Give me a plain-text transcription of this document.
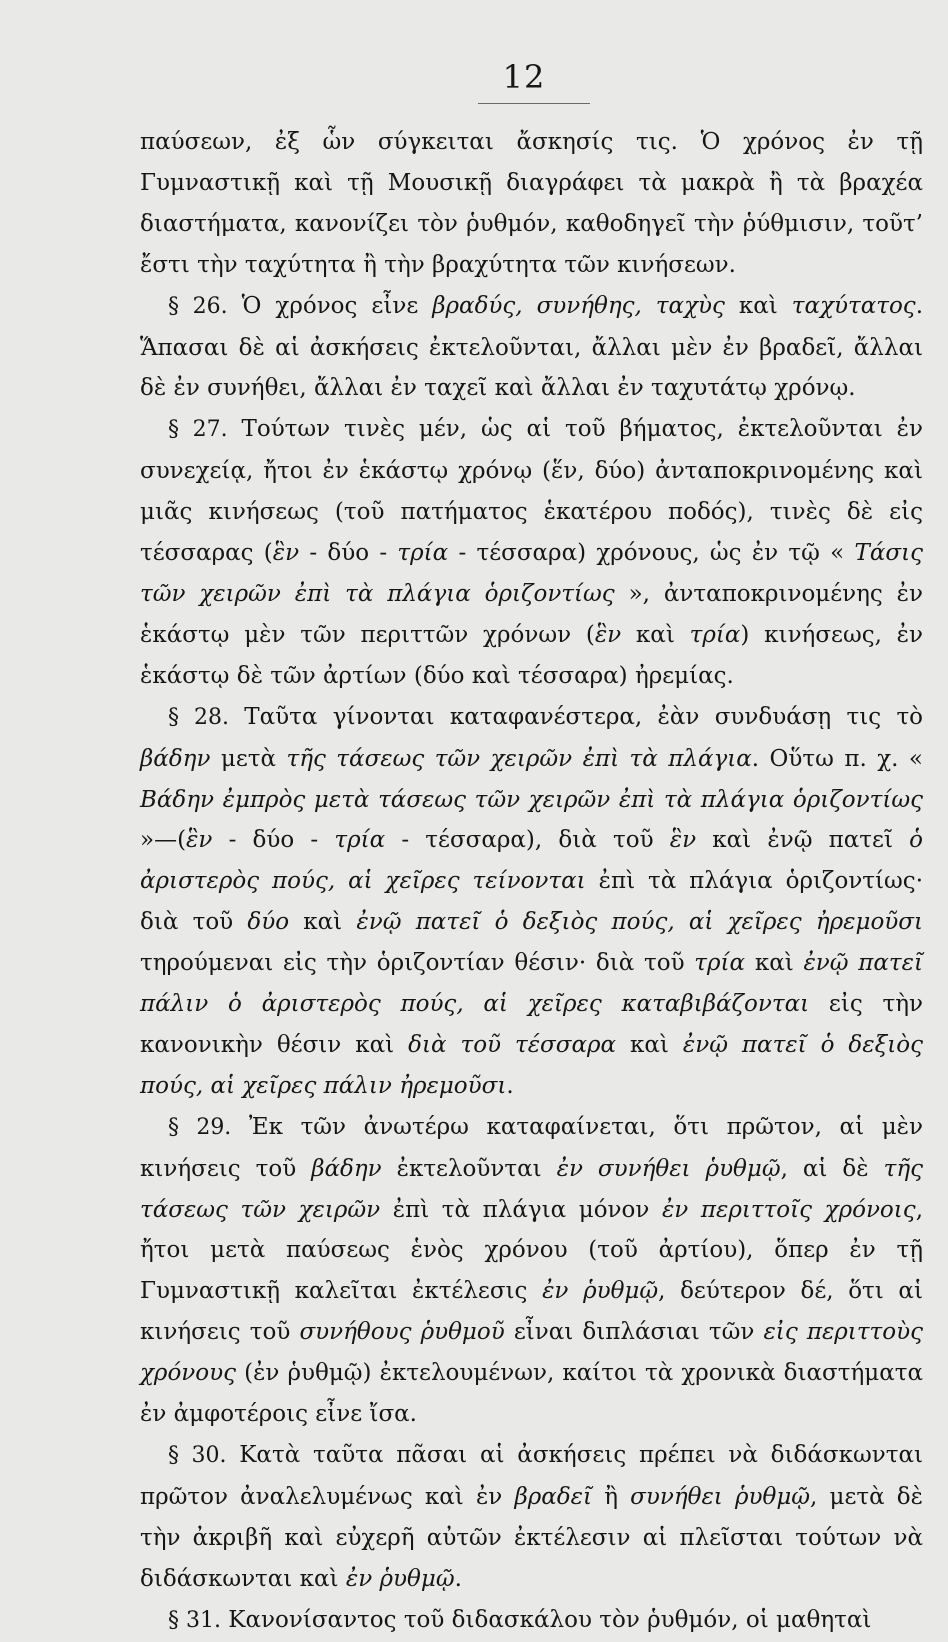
12

παύσεων, ἐξ ὧν σύγκειται ἄσκησίς τις. Ὁ χρόνος ἐν τῇ Γυμναστικῇ καὶ τῇ Μουσικῇ διαγράφει τὰ μακρὰ ἢ τὰ βραχέα διαστήματα, κανονίζει τὸν ῥυθμόν, καθοδηγεῖ τὴν ῥύθμισιν, τοῦτ’ ἔστι τὴν ταχύτητα ἢ τὴν βραχύτητα τῶν κινήσεων.

§ 26. Ὁ χρόνος εἶνε βραδύς, συνήθης, ταχὺς καὶ ταχύτατος. Ἅπασαι δὲ αἱ ἀσκήσεις ἐκτελοῦνται, ἄλλαι μὲν ἐν βραδεῖ, ἄλλαι δὲ ἐν συνήθει, ἄλλαι ἐν ταχεῖ καὶ ἄλλαι ἐν ταχυτάτῳ χρόνῳ.

§ 27. Τούτων τινὲς μέν, ὡς αἱ τοῦ βήματος, ἐκτελοῦνται ἐν συνεχείᾳ, ἤτοι ἐν ἑκάστῳ χρόνῳ (ἕν, δύο) ἀνταποκρινομένης καὶ μιᾶς κινήσεως (τοῦ πατήματος ἑκατέρου ποδός), τινὲς δὲ εἰς τέσσαρας (ἓν - δύο - τρία - τέσσαρα) χρόνους, ὡς ἐν τῷ « Τάσις τῶν χειρῶν ἐπὶ τὰ πλάγια ὁριζοντίως », ἀνταποκρινομένης ἐν ἑκάστῳ μὲν τῶν περιττῶν χρόνων (ἓν καὶ τρία) κινήσεως, ἐν ἑκάστῳ δὲ τῶν ἀρτίων (δύο καὶ τέσσαρα) ἠρεμίας.

§ 28. Ταῦτα γίνονται καταφανέστερα, ἐὰν συνδυάσῃ τις τὸ βάδην μετὰ τῆς τάσεως τῶν χειρῶν ἐπὶ τὰ πλάγια. Οὕτω π. χ. « Βάδην ἐμπρὸς μετὰ τάσεως τῶν χειρῶν ἐπὶ τὰ πλάγια ὁριζοντίως »—(ἓν - δύο - τρία - τέσσαρα), διὰ τοῦ ἓν καὶ ἐνῷ πατεῖ ὁ ἀριστερὸς πούς, αἱ χεῖρες τείνονται ἐπὶ τὰ πλάγια ὁριζοντίως· διὰ τοῦ δύο καὶ ἐνῷ πατεῖ ὁ δεξιὸς πούς, αἱ χεῖρες ἠρεμοῦσι τηρούμεναι εἰς τὴν ὁριζοντίαν θέσιν· διὰ τοῦ τρία καὶ ἐνῷ πατεῖ πάλιν ὁ ἀριστερὸς πούς, αἱ χεῖρες καταβιβάζονται εἰς τὴν κανονικὴν θέσιν καὶ διὰ τοῦ τέσσαρα καὶ ἐνῷ πατεῖ ὁ δεξιὸς πούς, αἱ χεῖρες πάλιν ἠρεμοῦσι.

§ 29. Ἐκ τῶν ἀνωτέρω καταφαίνεται, ὅτι πρῶτον, αἱ μὲν κινήσεις τοῦ βάδην ἐκτελοῦνται ἐν συνήθει ῥυθμῷ, αἱ δὲ τῆς τάσεως τῶν χειρῶν ἐπὶ τὰ πλάγια μόνον ἐν περιττοῖς χρόνοις, ἤτοι μετὰ παύσεως ἑνὸς χρόνου (τοῦ ἀρτίου), ὅπερ ἐν τῇ Γυμναστικῇ καλεῖται ἐκτέλεσις ἐν ῥυθμῷ, δεύτερον δέ, ὅτι αἱ κινήσεις τοῦ συνήθους ῥυθμοῦ εἶναι διπλάσιαι τῶν εἰς περιττοὺς χρόνους (ἐν ῥυθμῷ) ἐκτελουμένων, καίτοι τὰ χρονικὰ διαστήματα ἐν ἀμφοτέροις εἶνε ἴσα.

§ 30. Κατὰ ταῦτα πᾶσαι αἱ ἀσκήσεις πρέπει νὰ διδάσκωνται πρῶτον ἀναλελυμένως καὶ ἐν βραδεῖ ἢ συνήθει ῥυθμῷ, μετὰ δὲ τὴν ἀκριβῆ καὶ εὐχερῆ αὐτῶν ἐκτέλεσιν αἱ πλεῖσται τούτων νὰ διδάσκωνται καὶ ἐν ῥυθμῷ.

§ 31. Κανονίσαντος τοῦ διδασκάλου τὸν ῥυθμόν, οἱ μαθηταὶ
